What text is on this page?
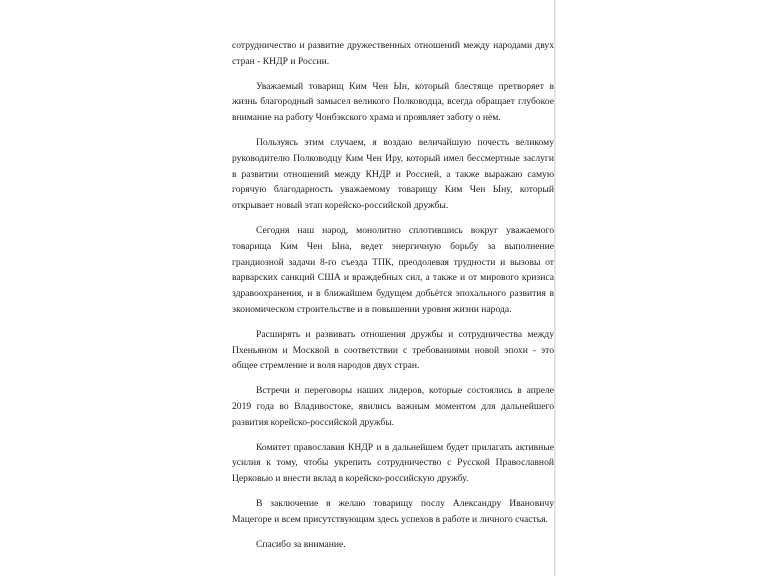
сотрудничество и развитие дружественных отношений между народами двух стран - КНДР и России.

Уважаемый товарищ Ким Чен Ын, который блестяще претворяет в жизнь благородный замысел великого Полководца, всегда обращает глубокое внимание на работу Чонбэкского храма и проявляет заботу о нём.

Пользуясь этим случаем, я воздаю величайшую почесть великому руководителю Полководцу Ким Чен Иру, который имел бессмертные заслуги в развитии отношений между КНДР и Россией, а также выражаю самую горячую благодарность уважаемому товарищу Ким Чен Ыну, который открывает новый этап корейско-российской дружбы.

Сегодня наш народ, монолитно сплотившись вокруг уважаемого товарища Ким Чен Ына, ведет энергичную борьбу за выполнение грандиозной задачи 8-го съезда ТПК, преодолевая трудности и вызовы от варварских санкций США и враждебных сил, а также и от мирового кризиса здравоохранения, и в ближайшем будущем добьётся эпохального развития в экономическом строительстве и в повышении уровня жизни народа.

Расширять и развивать отношения дружбы и сотрудничества между Пхеньяном и Москвой в соответствии с требованиями новой эпохи - это общее стремление и воля народов двух стран.

Встречи и переговоры наших лидеров, которые состоялись в апреле 2019 года во Владивостоке, явились важным моментом для дальнейшего развития корейско-российской дружбы.

Комитет православия КНДР и в дальнейшем будет прилагать активные усилия к тому, чтобы укрепить сотрудничество с Русской Православной Церковью и внести вклад в корейско-российскую дружбу.

В заключение я желаю товарищу послу Александру Ивановичу Мацегоре и всем присутствующим здесь успехов в работе и личного счастья.

Спасибо за внимание.
